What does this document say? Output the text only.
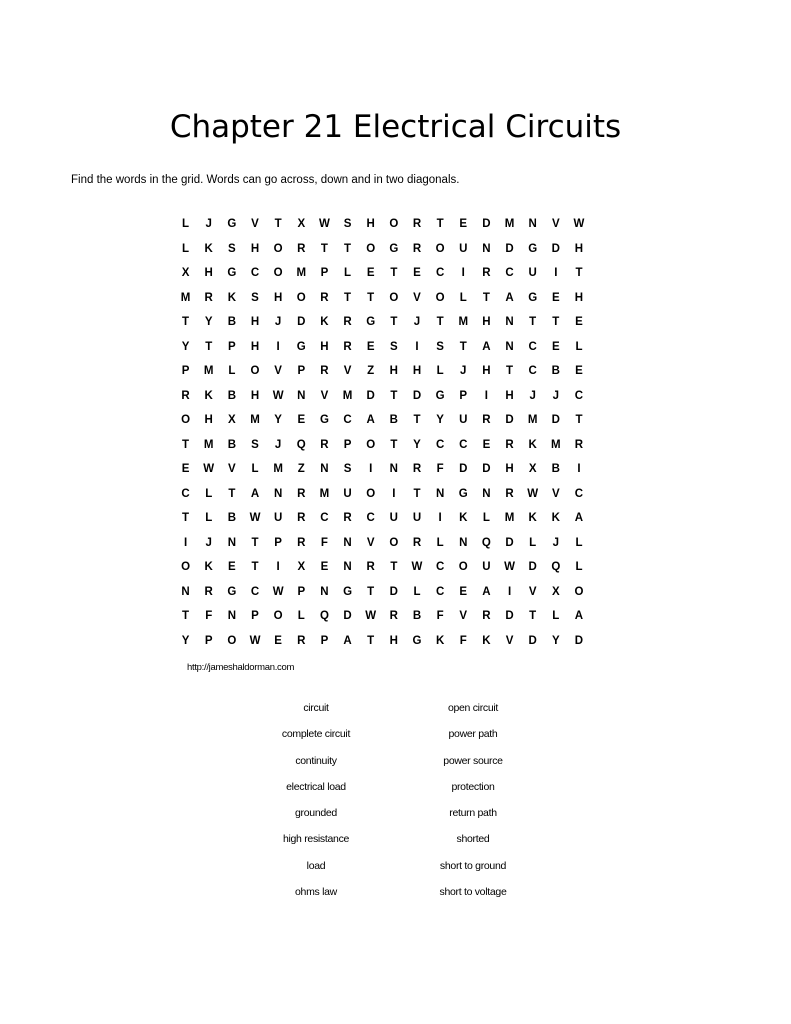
Chapter 21 Electrical Circuits

Find the words in the grid. Words can go across, down and in two diagonals.

L	J	G	V	T	X	W	S	H	O	R	T	E	D	M	N	V	W
L	K	S	H	O	R	T	T	O	G	R	O	U	N	D	G	D	H
X	H	G	C	O	M	P	L	E	T	E	C	I	R	C	U	I	T
M	R	K	S	H	O	R	T	T	O	V	O	L	T	A	G	E	H
T	Y	B	H	J	D	K	R	G	T	J	T	M	H	N	T	T	E
Y	T	P	H	I	G	H	R	E	S	I	S	T	A	N	C	E	L
P	M	L	O	V	P	R	V	Z	H	H	L	J	H	T	C	B	E
R	K	B	H	W	N	V	M	D	T	D	G	P	I	H	J	J	C
O	H	X	M	Y	E	G	C	A	B	T	Y	U	R	D	M	D	T
T	M	B	S	J	Q	R	P	O	T	Y	C	C	E	R	K	M	R
E	W	V	L	M	Z	N	S	I	N	R	F	D	D	H	X	B	I
C	L	T	A	N	R	M	U	O	I	T	N	G	N	R	W	V	C
T	L	B	W	U	R	C	R	C	U	U	I	K	L	M	K	K	A
I	J	N	T	P	R	F	N	V	O	R	L	N	Q	D	L	J	L
O	K	E	T	I	X	E	N	R	T	W	C	O	U	W	D	Q	L
N	R	G	C	W	P	N	G	T	D	L	C	E	A	I	V	X	O
T	F	N	P	O	L	Q	D	W	R	B	F	V	R	D	T	L	A
Y	P	O	W	E	R	P	A	T	H	G	K	F	K	V	D	Y	D
http://jameshaldorman.com
circuit
complete circuit
continuity
electrical load
grounded
high resistance
load
ohms law
open circuit
power path
power source
protection
return path
shorted
short to ground
short to voltage
